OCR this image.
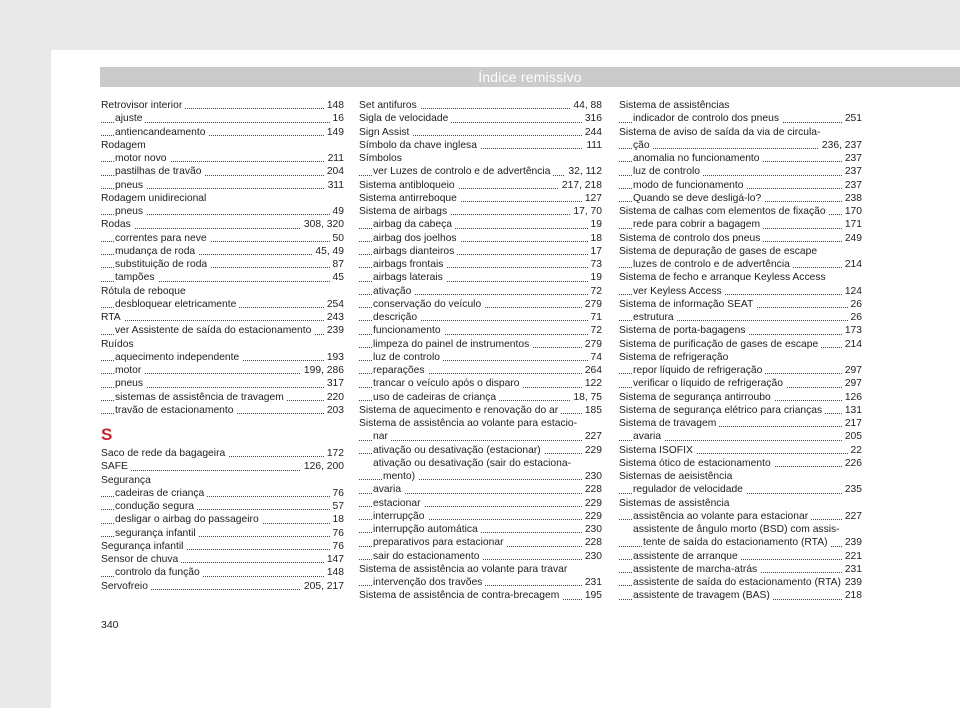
Índice remissivo
Retrovisor interior	148
ajuste	16
antiencandeamento	149
Rodagem
motor novo	211
pastilhas de travão	204
pneus	311
Rodagem unidirecional
pneus	49
Rodas	308, 320
correntes para neve	50
mudança de roda	45, 49
substituição de roda	87
tampões	45
Rótula de reboque
desbloquear eletricamente	254
RTA	243
ver Assistente de saída do estacionamento 239
Ruídos
aquecimento independente	193
motor	199, 286
pneus	317
sistemas de assistência de travagem	220
travão de estacionamento	203
S
Saco de rede da bagageira	172
SAFE	126, 200
Segurança
cadeiras de criança	76
condução segura	57
desligar o airbag do passageiro	18
segurança infantil	76
Segurança infantil	76
Sensor de chuva	147
controlo da função	148
Servofreio	205, 217
Set antifuros	44, 88
Sigla de velocidade	316
Sign Assist	244
Símbolo da chave inglesa	111
Símbolos
ver Luzes de controlo e de advertência 32, 112
Sistema antibloqueio	217, 218
Sistema antirreboque	127
Sistema de airbags	17, 70
airbag da cabeça	19
airbag dos joelhos	18
airbags dianteiros	17
airbags frontais	73
airbags laterais	19
ativação	72
conservação do veículo	279
descrição	71
funcionamento	72
limpeza do painel de instrumentos	279
luz de controlo	74
reparações	264
trancar o veículo após o disparo	122
uso de cadeiras de criança	18, 75
Sistema de aquecimento e renovação do ar	185
Sistema de assistência ao volante para estacio-
nar	227
ativação ou desativação (estacionar)	229
ativação ou desativação (sair do estaciona-
mento)	230
avaria	228
estacionar	229
interrupção	229
interrupção automática	230
preparativos para estacionar	228
sair do estacionamento	230
Sistema de assistência ao volante para travar
intervenção dos travões	231
Sistema de assistência de contra-brecagem 195
Sistema de assistências
indicador de controlo dos pneus	251
Sistema de aviso de saída da via de circula-
ção	236, 237
anomalia no funcionamento	237
luz de controlo	237
modo de funcionamento	237
Quando se deve desligá-lo?	238
Sistema de calhas com elementos de fixação 170
rede para cobrir a bagagem	171
Sistema de controlo dos pneus	249
Sistema de depuração de gases de escape
luzes de controlo e de advertência	214
Sistema de fecho e arranque Keyless Access
ver Keyless Access	124
Sistema de informação SEAT	26
estrutura	26
Sistema de porta-bagagens	173
Sistema de purificação de gases de escape	214
Sistema de refrigeração
repor líquido de refrigeração	297
verificar o líquido de refrigeração	297
Sistema de segurança antirroubo	126
Sistema de segurança elétrico para crianças 131
Sistema de travagem	217
avaria	205
Sistema ISOFIX	22
Sistema ótico de estacionamento	226
Sistemas de aeisistência
regulador de velocidade	235
Sistemas de assistência
assistência ao volante para estacionar	227
assistente de ângulo morto (BSD) com assis-
tente de saída do estacionamento (RTA) 239
assistente de arranque	221
assistente de marcha-atrás	231
assistente de saída do estacionamento (RTA) 239
assistente de travagem (BAS)	218
340
